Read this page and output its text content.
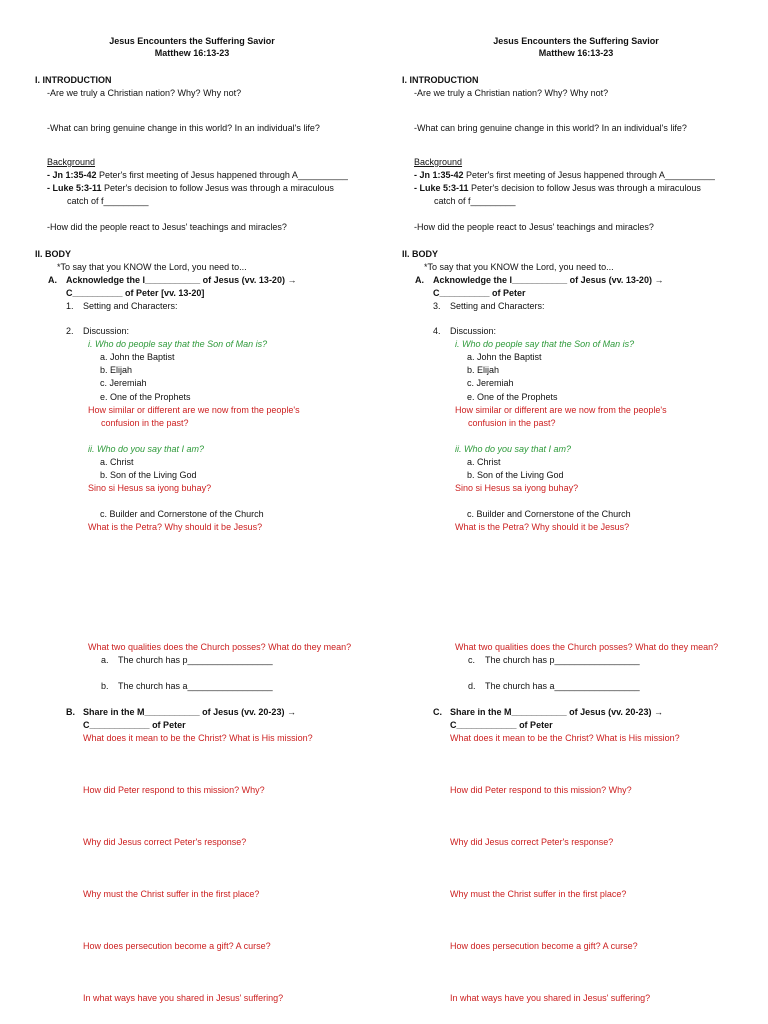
Jesus Encounters the Suffering Savior
Matthew 16:13-23
I. INTRODUCTION
-Are we truly a Christian nation? Why? Why not?
-What can bring genuine change in this world? In an individual's life?
Background
- Jn 1:35-42 Peter's first meeting of Jesus happened through A__________
- Luke 5:3-11 Peter's decision to follow Jesus was through a miraculous
catch of f_________
-How did the people react to Jesus' teachings and miracles?
II. BODY
*To say that you KNOW the Lord, you need to...
A. Acknowledge the I___________ of Jesus (vv. 13-20) →
C__________ of Peter [vv. 13-20]
1. Setting and Characters:
2. Discussion:
i. Who do people say that the Son of Man is?
a. John the Baptist
b. Elijah
c. Jeremiah
e. One of the Prophets
How similar or different are we now from the people's
confusion in the past?
ii. Who do you say that I am?
a. Christ
b. Son of the Living God
Sino si Hesus sa iyong buhay?
c. Builder and Cornerstone of the Church
What is the Petra? Why should it be Jesus?
What two qualities does the Church posses? What do they mean?
a. The church has p_________________
b. The church has a_________________
B. Share in the M___________ of Jesus (vv. 20-23) →
C____________ of Peter
What does it mean to be the Christ? What is His mission?
How did Peter respond to this mission? Why?
Why did Jesus correct Peter's response?
Why must the Christ suffer in the first place?
How does persecution become a gift? A curse?
In what ways have you shared in Jesus' suffering?
Jesus Encounters the Suffering Savior
Matthew 16:13-23
I. INTRODUCTION
-Are we truly a Christian nation? Why? Why not?
-What can bring genuine change in this world? In an individual's life?
Background
- Jn 1:35-42 Peter's first meeting of Jesus happened through A__________
- Luke 5:3-11 Peter's decision to follow Jesus was through a miraculous
catch of f_________
-How did the people react to Jesus' teachings and miracles?
II. BODY
*To say that you KNOW the Lord, you need to...
A. Acknowledge the I___________ of Jesus (vv. 13-20) →
C__________ of Peter
3. Setting and Characters:
4. Discussion:
i. Who do people say that the Son of Man is?
a. John the Baptist
b. Elijah
c. Jeremiah
e. One of the Prophets
How similar or different are we now from the people's
confusion in the past?
ii. Who do you say that I am?
a. Christ
b. Son of the Living God
Sino si Hesus sa iyong buhay?
c. Builder and Cornerstone of the Church
What is the Petra? Why should it be Jesus?
What two qualities does the Church posses? What do they mean?
c. The church has p_________________
d. The church has a_________________
C. Share in the M___________ of Jesus (vv. 20-23) →
C____________ of Peter
What does it mean to be the Christ? What is His mission?
How did Peter respond to this mission? Why?
Why did Jesus correct Peter's response?
Why must the Christ suffer in the first place?
How does persecution become a gift? A curse?
In what ways have you shared in Jesus' suffering?
